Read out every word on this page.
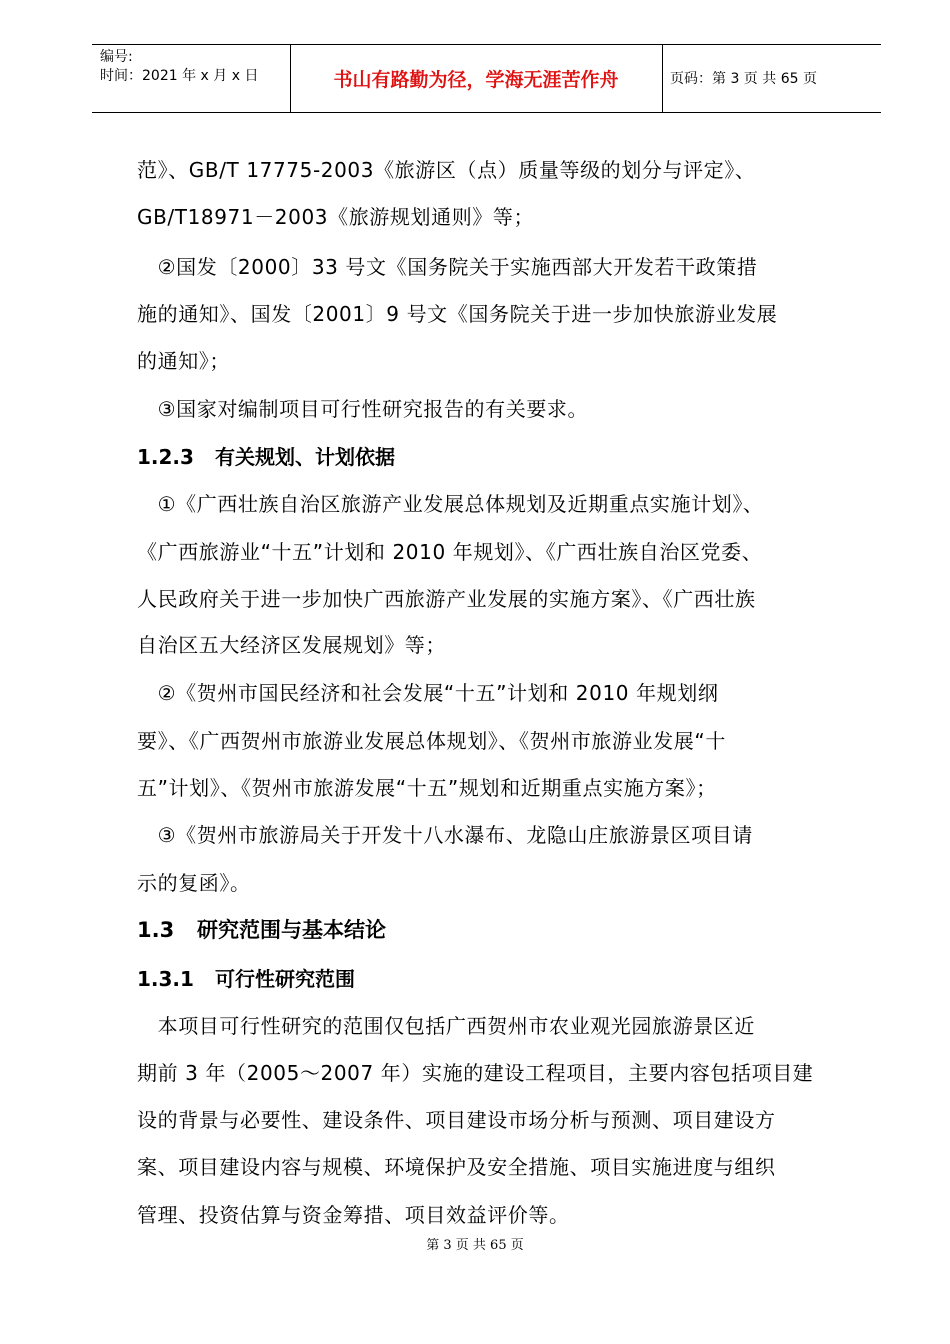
编号:
时间：2021 年 x 月 x 日	书山有路勤为径，学海无涯苦作舟	页码：第 3 页 共 65 页
范》、GB/T 17775-2003《旅游区（点）质量等级的划分与评定》、
GB/T18971－2003《旅游规划通则》等；
　②国发〔2000〕33 号文《国务院关于实施西部大开发若干政策措
施的通知》、国发〔2001〕9 号文《国务院关于进一步加快旅游业发展
的通知》；
　③国家对编制项目可行性研究报告的有关要求。
1.2.3 有关规划、计划依据
　①《广西壮族自治区旅游产业发展总体规划及近期重点实施计划》、
《广西旅游业“十五”计划和 2010 年规划》、《广西壮族自治区党委、
人民政府关于进一步加快广西旅游产业发展的实施方案》、《广西壮族
自治区五大经济区发展规划》等；
　②《贺州市国民经济和社会发展“十五”计划和 2010 年规划纲
要》、《广西贺州市旅游业发展总体规划》、《贺州市旅游业发展“十
五”计划》、《贺州市旅游发展“十五”规划和近期重点实施方案》；
　③《贺州市旅游局关于开发十八水瀑布、龙隐山庄旅游景区项目请
示的复函》。
1.3 研究范围与基本结论
1.3.1 可行性研究范围
　本项目可行性研究的范围仅包括广西贺州市农业观光园旅游景区近
期前 3 年（2005～2007 年）实施的建设工程项目，主要内容包括项目建
设的背景与必要性、建设条件、项目建设市场分析与预测、项目建设方
案、项目建设内容与规模、环境保护及安全措施、项目实施进度与组织
管理、投资估算与资金筹措、项目效益评价等。
第 3 页 共 65 页
